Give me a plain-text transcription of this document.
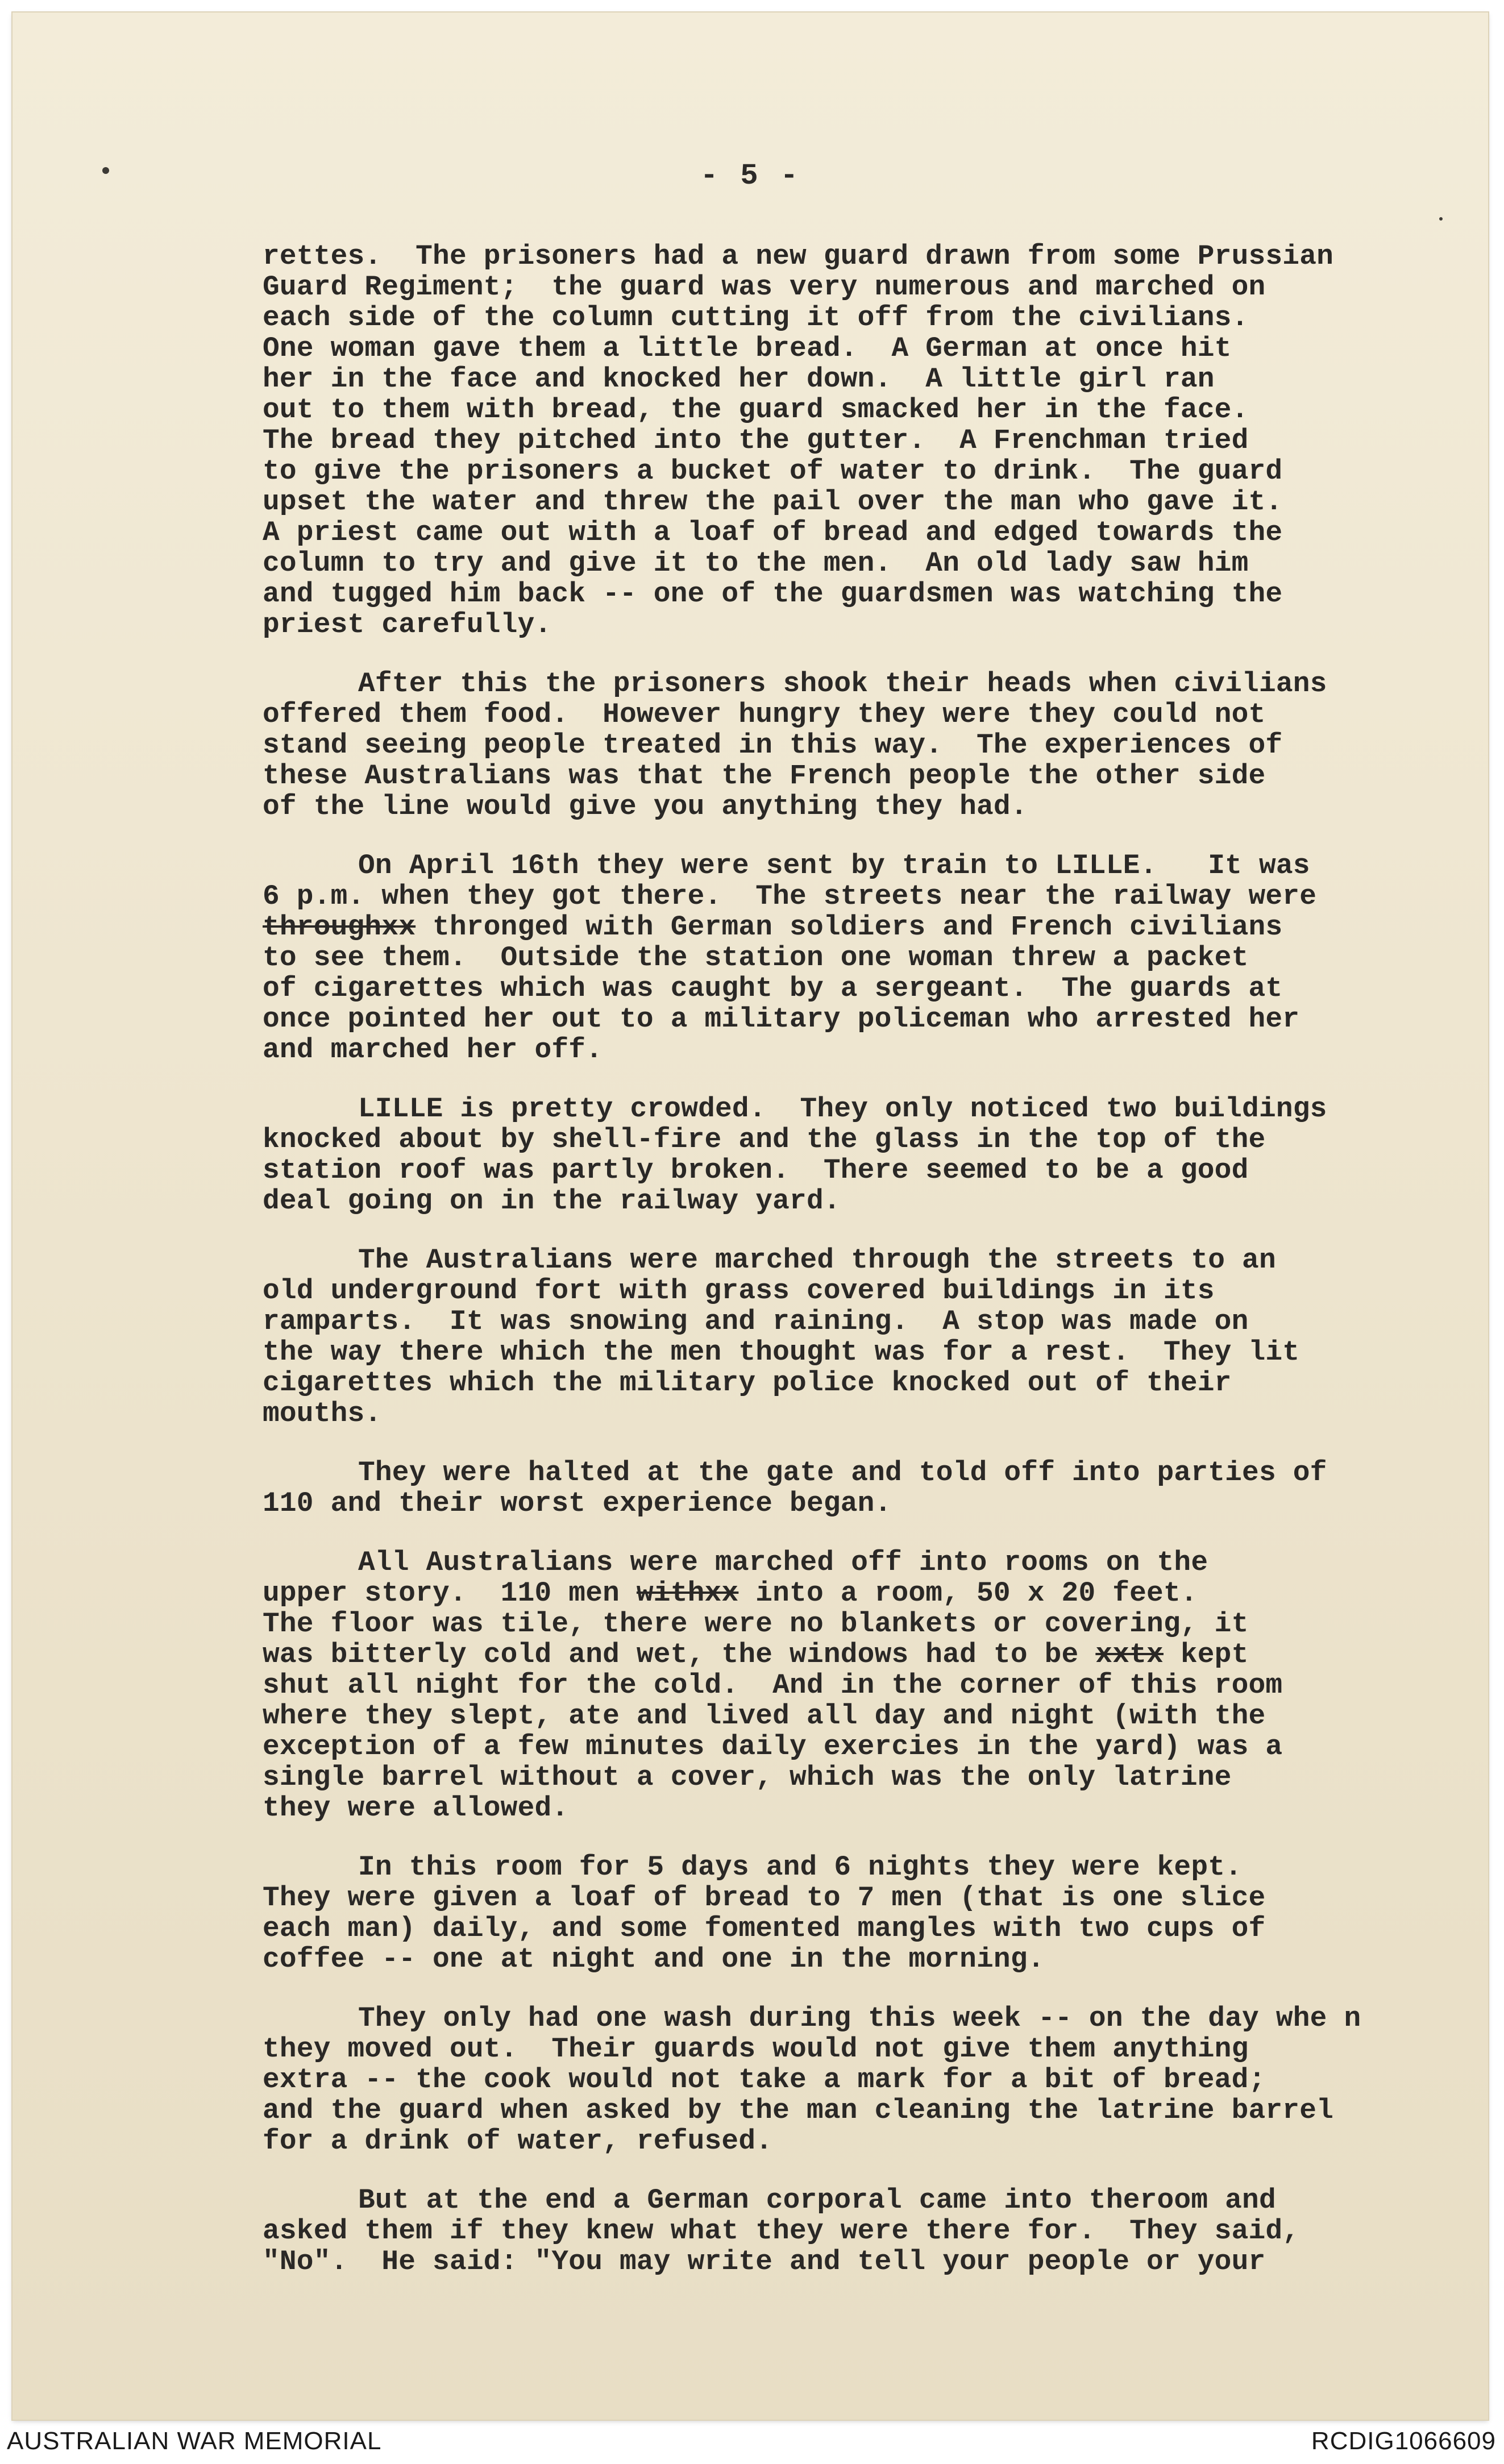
- 5 -

rettes.  The prisoners had a new guard drawn from some Prussian
Guard Regiment;  the guard was very numerous and marched on
each side of the column cutting it off from the civilians.
One woman gave them a little bread.  A German at once hit
her in the face and knocked her down.  A little girl ran
out to them with bread, the guard smacked her in the face.
The bread they pitched into the gutter.  A Frenchman tried
to give the prisoners a bucket of water to drink.  The guard
upset the water and threw the pail over the man who gave it.
A priest came out with a loaf of bread and edged towards the
column to try and give it to the men.  An old lady saw him
and tugged him back -- one of the guardsmen was watching the
priest carefully.

After this the prisoners shook their heads when civilians
offered them food.  However hungry they were they could not
stand seeing people treated in this way.  The experiences of
these Australians was that the French people the other side
of the line would give you anything they had.

On April 16th they were sent by train to LILLE.   It was
6 p.m. when they got there.  The streets near the railway were
throughxx thronged with German soldiers and French civilians
to see them.  Outside the station one woman threw a packet
of cigarettes which was caught by a sergeant.  The guards at
once pointed her out to a military policeman who arrested her
and marched her off.

LILLE is pretty crowded.  They only noticed two buildings
knocked about by shell-fire and the glass in the top of the
station roof was partly broken.  There seemed to be a good
deal going on in the railway yard.

The Australians were marched through the streets to an
old underground fort with grass covered buildings in its
ramparts.  It was snowing and raining.  A stop was made on
the way there which the men thought was for a rest.  They lit
cigarettes which the military police knocked out of their
mouths.

They were halted at the gate and told off into parties of
110 and their worst experience began.

All Australians were marched off into rooms on the
upper story.  110 men withxx into a room, 50 x 20 feet.
The floor was tile, there were no blankets or covering, it
was bitterly cold and wet, the windows had to be xxtx kept
shut all night for the cold.  And in the corner of this room
where they slept, ate and lived all day and night (with the
exception of a few minutes daily exercies in the yard) was a
single barrel without a cover, which was the only latrine
they were allowed.

In this room for 5 days and 6 nights they were kept.
They were given a loaf of bread to 7 men (that is one slice
each man) daily, and some fomented mangles with two cups of
coffee -- one at night and one in the morning.

They only had one wash during this week -- on the day whe n
they moved out.  Their guards would not give them anything
extra -- the cook would not take a mark for a bit of bread;
and the guard when asked by the man cleaning the latrine barrel
for a drink of water, refused.

But at the end a German corporal came into theroom and
asked them if they knew what they were there for.  They said,
"No".  He said: "You may write and tell your people or your

AUSTRALIAN WAR MEMORIAL	RCDIG1066609
